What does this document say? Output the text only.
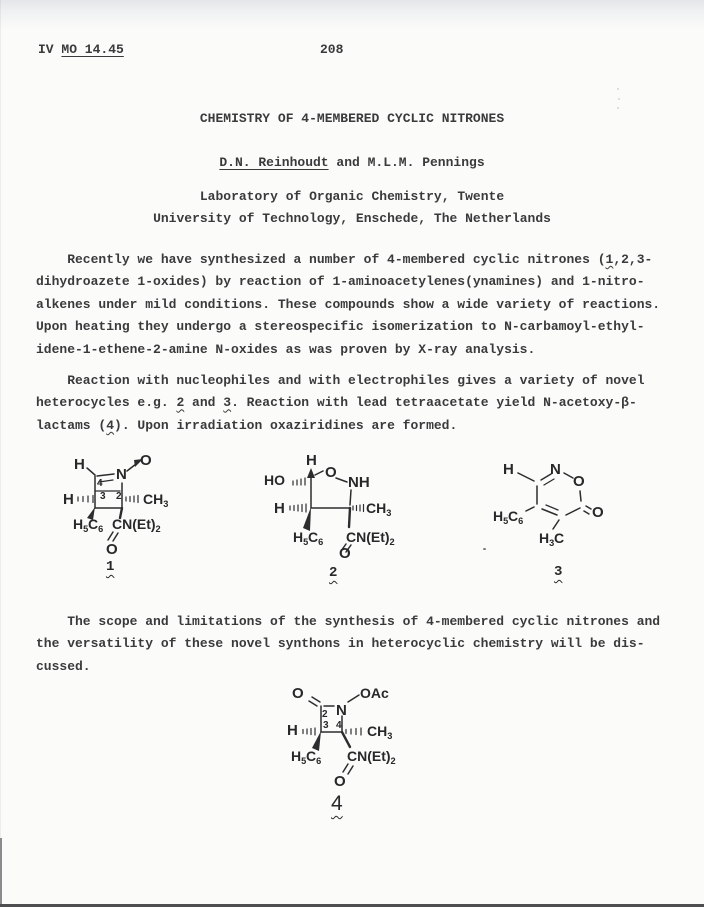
IV MO 14.45

	208

CHEMISTRY OF 4-MEMBERED CYCLIC NITRONES
D.N. Reinhoudt and M.L.M. Pennings
Laboratory of Organic Chemistry, Twente
University of Technology, Enschede, The Netherlands
Recently we have synthesized a number of 4-membered cyclic nitrones (1,2,3-
dihydroazete 1-oxides) by reaction of 1-aminoacetylenes(ynamines) and 1-nitro-
alkenes under mild conditions. These compounds show a wide variety of reactions.
Upon heating they undergo a stereospecific isomerization to N-carbamoyl-ethyl-
idene-1-ethene-2-amine N-oxides as was proven by X-ray analysis.
Reaction with nucleophiles and with electrophiles gives a variety of novel
heterocycles e.g. 2 and 3. Reaction with lead tetraacetate yield N-acetoxy-β-
lactams (4). Upon irradiation oxaziridines are formed.
The scope and limitations of the synthesis of 4-membered cyclic nitrones and
the versatility of these novel synthons in heterocyclic chemistry will be dis-
cussed.
H
N
O
4
3 2
H	$CH_3$
$H_5C_6$ $CN(Et)_2$
O
1
H
HO	O
NH
H	$CH_3$
$H_5C_6$ $CN(Et)_2$
O
2
H N
O
O
$H_5C_6$
$H_3C$
3
O
N
OAc
2
3 4
H	$CH_3$
$H_5C_6$ $CN(Et)_2$
O
4
